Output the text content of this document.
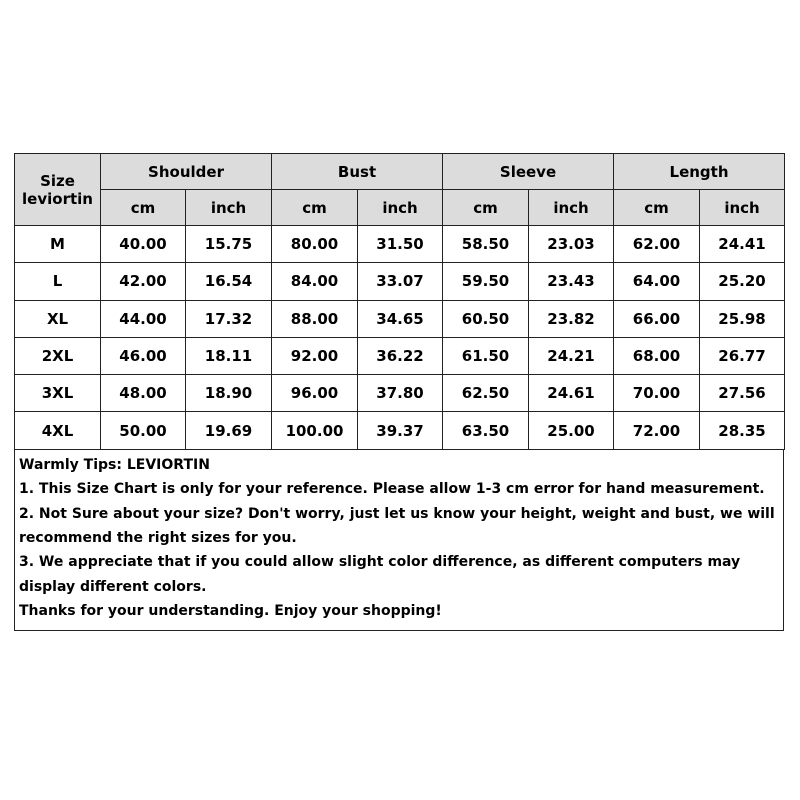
Size
leviortin	Shoulder		Bust		Sleeve		Length	
	cm	inch	cm	inch	cm	inch	cm	inch
M	40.00	15.75	80.00	31.50	58.50	23.03	62.00	24.41
L	42.00	16.54	84.00	33.07	59.50	23.43	64.00	25.20
XL	44.00	17.32	88.00	34.65	60.50	23.82	66.00	25.98
2XL	46.00	18.11	92.00	36.22	61.50	24.21	68.00	26.77
3XL	48.00	18.90	96.00	37.80	62.50	24.61	70.00	27.56
4XL	50.00	19.69	100.00	39.37	63.50	25.00	72.00	28.35
Warmly Tips: LEVIORTIN
1. This Size Chart is only for your reference. Please allow 1-3 cm error for hand measurement.
2. Not Sure about your size? Don't worry, just let us know your height, weight and bust, we will recommend the right sizes for you.
3. We appreciate that if you could allow slight color difference, as different computers may display different colors.
Thanks for your understanding. Enjoy your shopping!
